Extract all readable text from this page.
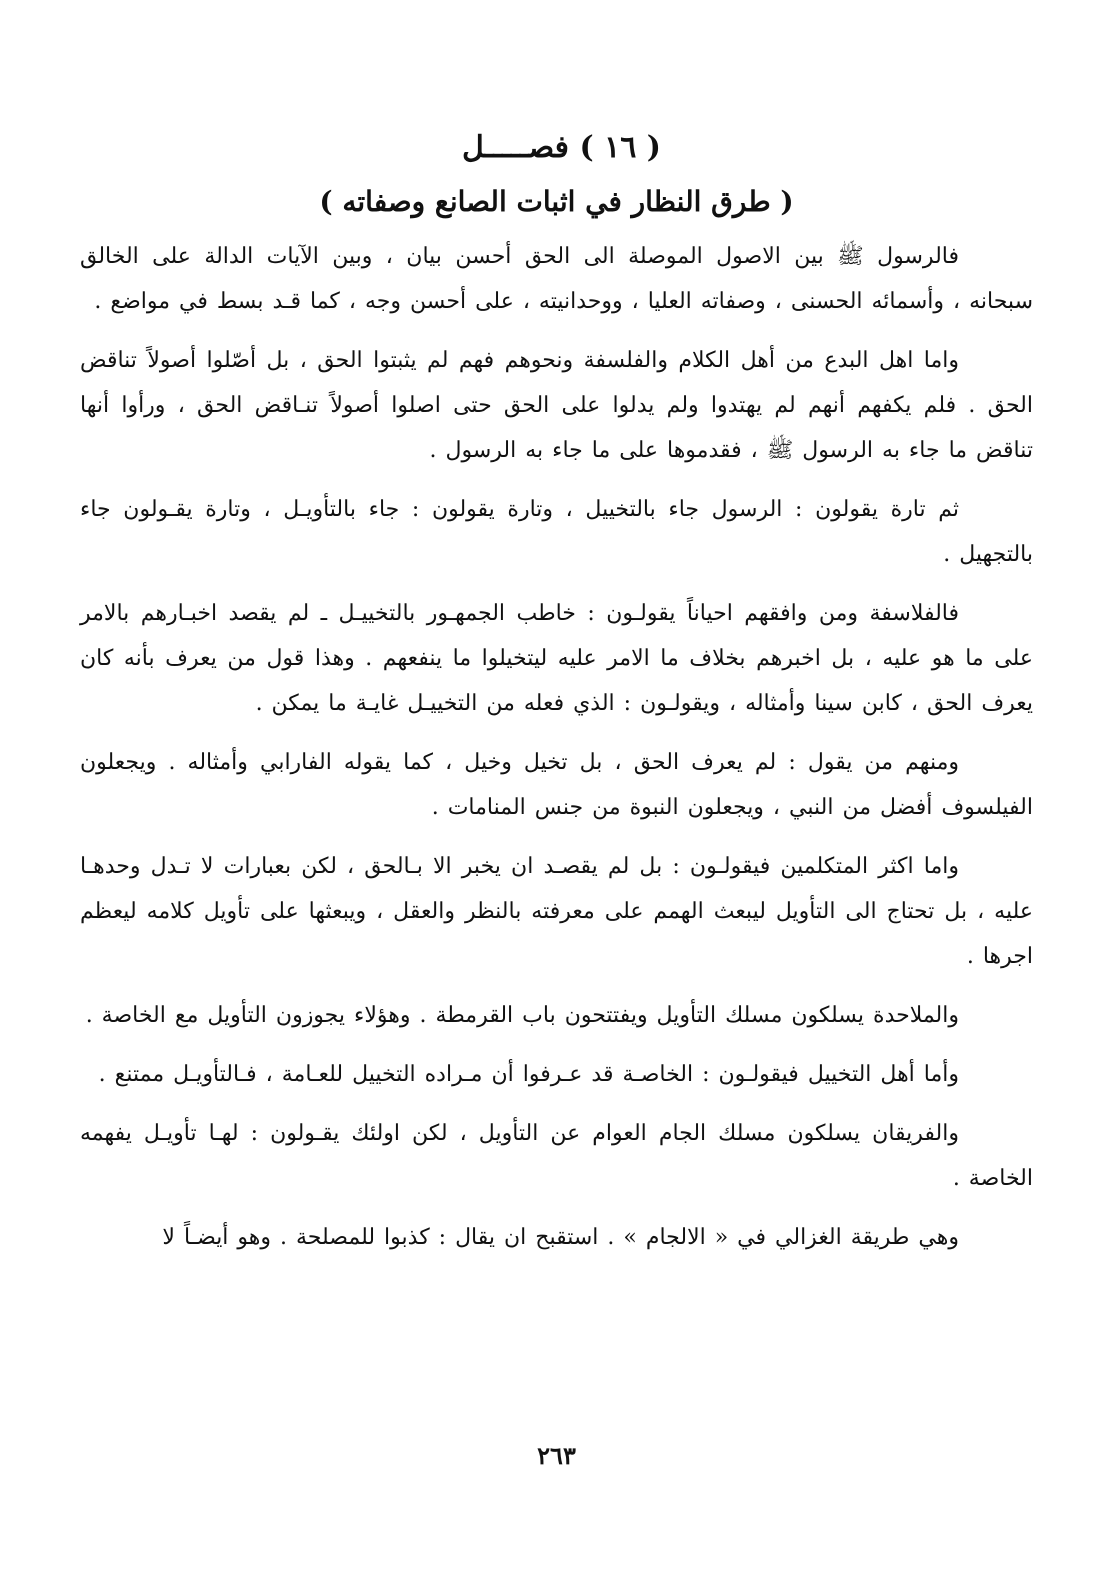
( ١٦ ) فصـــــل
( طرق النظار في اثبات الصانع وصفاته )

فالرسول ﷺ بين الاصول الموصلة الى الحق أحسن بيان ، وبين الآيات الدالة على الخالق سبحانه ، وأسمائه الحسنى ، وصفاته العليا ، ووحدانيته ، على أحسن وجه ، كما قـد بسط في مواضع .

واما اهل البدع من أهل الكلام والفلسفة ونحوهم فهم لم يثبتوا الحق ، بل أصّلوا أصولاً تناقض الحق . فلم يكفهم أنهم لم يهتدوا ولم يدلوا على الحق حتى اصلوا أصولاً تنـاقض الحق ، ورأوا أنها تناقض ما جاء به الرسول ﷺ ، فقدموها على ما جاء به الرسول .

ثم تارة يقولون : الرسول جاء بالتخييل ، وتارة يقولون : جاء بالتأويـل ، وتارة يقـولون جاء بالتجهيل .

فالفلاسفة ومن وافقهم احياناً يقولـون : خاطب الجمهـور بالتخييـل ـ لم يقصد اخبـارهم بالامر على ما هو عليه ، بل اخبرهم بخلاف ما الامر عليه ليتخيلوا ما ينفعهم . وهذا قول من يعرف بأنه كان يعرف الحق ، كابن سينا وأمثاله ، ويقولـون : الذي فعله من التخييـل غايـة ما يمكن .

ومنهم من يقول : لم يعرف الحق ، بل تخيل وخيل ، كما يقوله الفارابي وأمثاله . ويجعلون الفيلسوف أفضل من النبي ، ويجعلون النبوة من جنس المنامات .

واما اكثر المتكلمين فيقولـون : بل لم يقصـد ان يخبر الا بـالحق ، لكن بعبارات لا تـدل وحدهـا عليه ، بل تحتاج الى التأويل ليبعث الهمم على معرفته بالنظر والعقل ، ويبعثها على تأويل كلامه ليعظم اجرها .

والملاحدة يسلكون مسلك التأويل ويفتتحون باب القرمطة . وهؤلاء يجوزون التأويل مع الخاصة .

وأما أهل التخييل فيقولـون : الخاصـة قد عـرفوا أن مـراده التخييل للعـامة ، فـالتأويـل ممتنع .

والفريقان يسلكون مسلك الجام العوام عن التأويل ، لكن اولئك يقـولون : لهـا تأويـل يفهمه الخاصة .

وهي طريقة الغزالي في « الالجام » . استقبح ان يقال : كذبوا للمصلحة . وهو أيضـاً لا

٢٦٣
